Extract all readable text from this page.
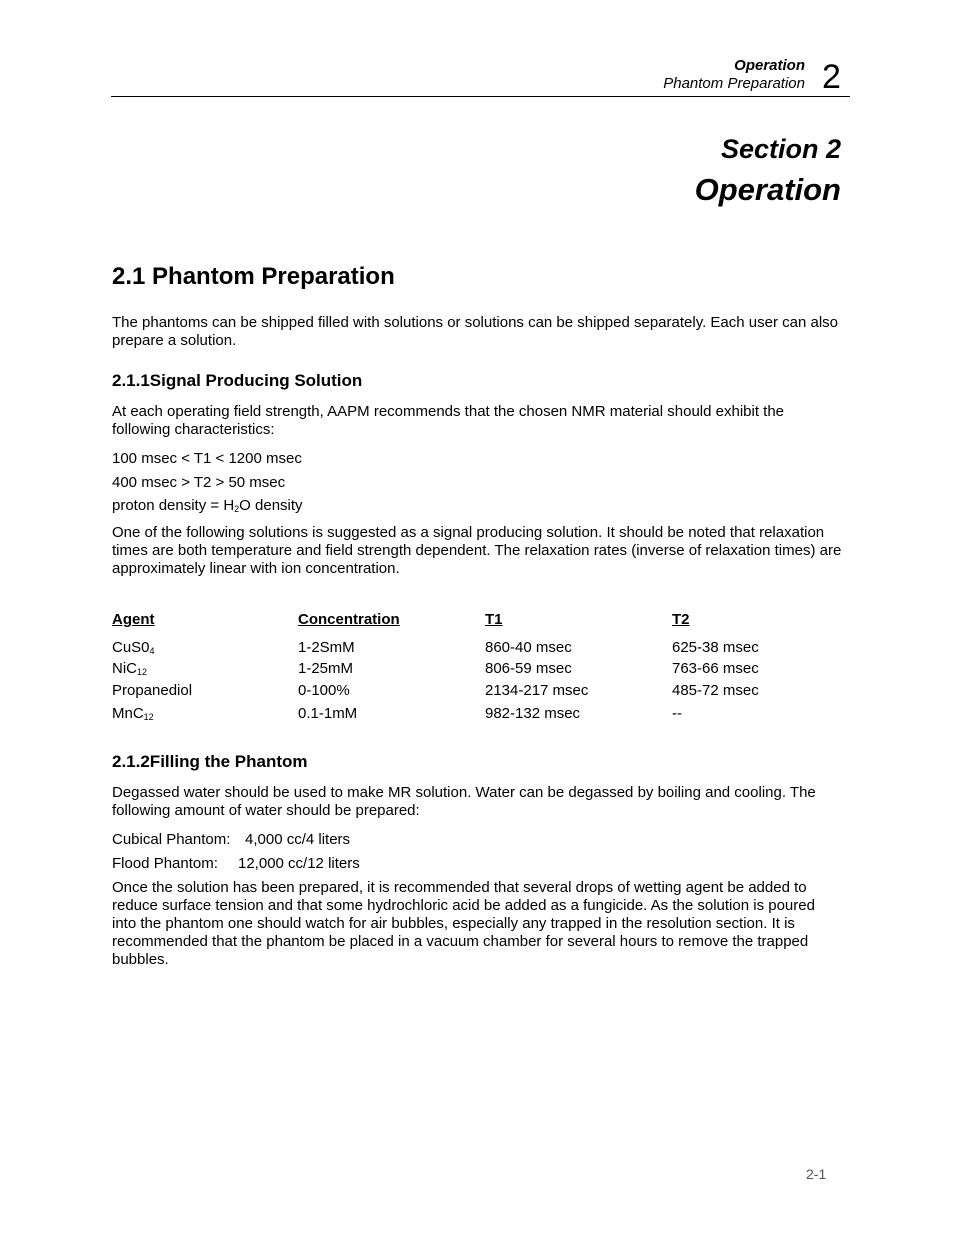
Operation
Phantom Preparation 2
Section 2
Operation
2.1 Phantom Preparation

The phantoms can be shipped filled with solutions or solutions can be shipped separately. Each user can also prepare a solution.

2.1.1Signal Producing Solution

At each operating field strength, AAPM recommends that the chosen NMR material should exhibit the following characteristics:

100 msec < T1 < 1200 msec
400 msec > T2 > 50 msec
proton density = $H_2O$ density

One of the following solutions is suggested as a signal producing solution. It should be noted that relaxation times are both temperature and field strength dependent. The relaxation rates (inverse of relaxation times) are approximately linear with ion concentration.

Agent	Concentration	T1	T2
$CuS0_4$	1-2SmM	860-40 msec	625-38 msec
NiC$_{12}$	1-25mM	806-59 msec	763-66 msec
Propanediol	0-100%	2134-217 msec	485-72 msec
MnC$_{12}$	0.1-1mM	982-132 msec	--
2.1.2Filling the Phantom

Degassed water should be used to make MR solution. Water can be degassed by boiling and cooling. The following amount of water should be prepared:

Cubical Phantom: 4,000 cc/4 liters
Flood Phantom: 12,000 cc/12 liters

Once the solution has been prepared, it is recommended that several drops of wetting agent be added to reduce surface tension and that some hydrochloric acid be added as a fungicide. As the solution is poured into the phantom one should watch for air bubbles, especially any trapped in the resolution section. It is recommended that the phantom be placed in a vacuum chamber for several hours to remove the trapped bubbles.

2-1
